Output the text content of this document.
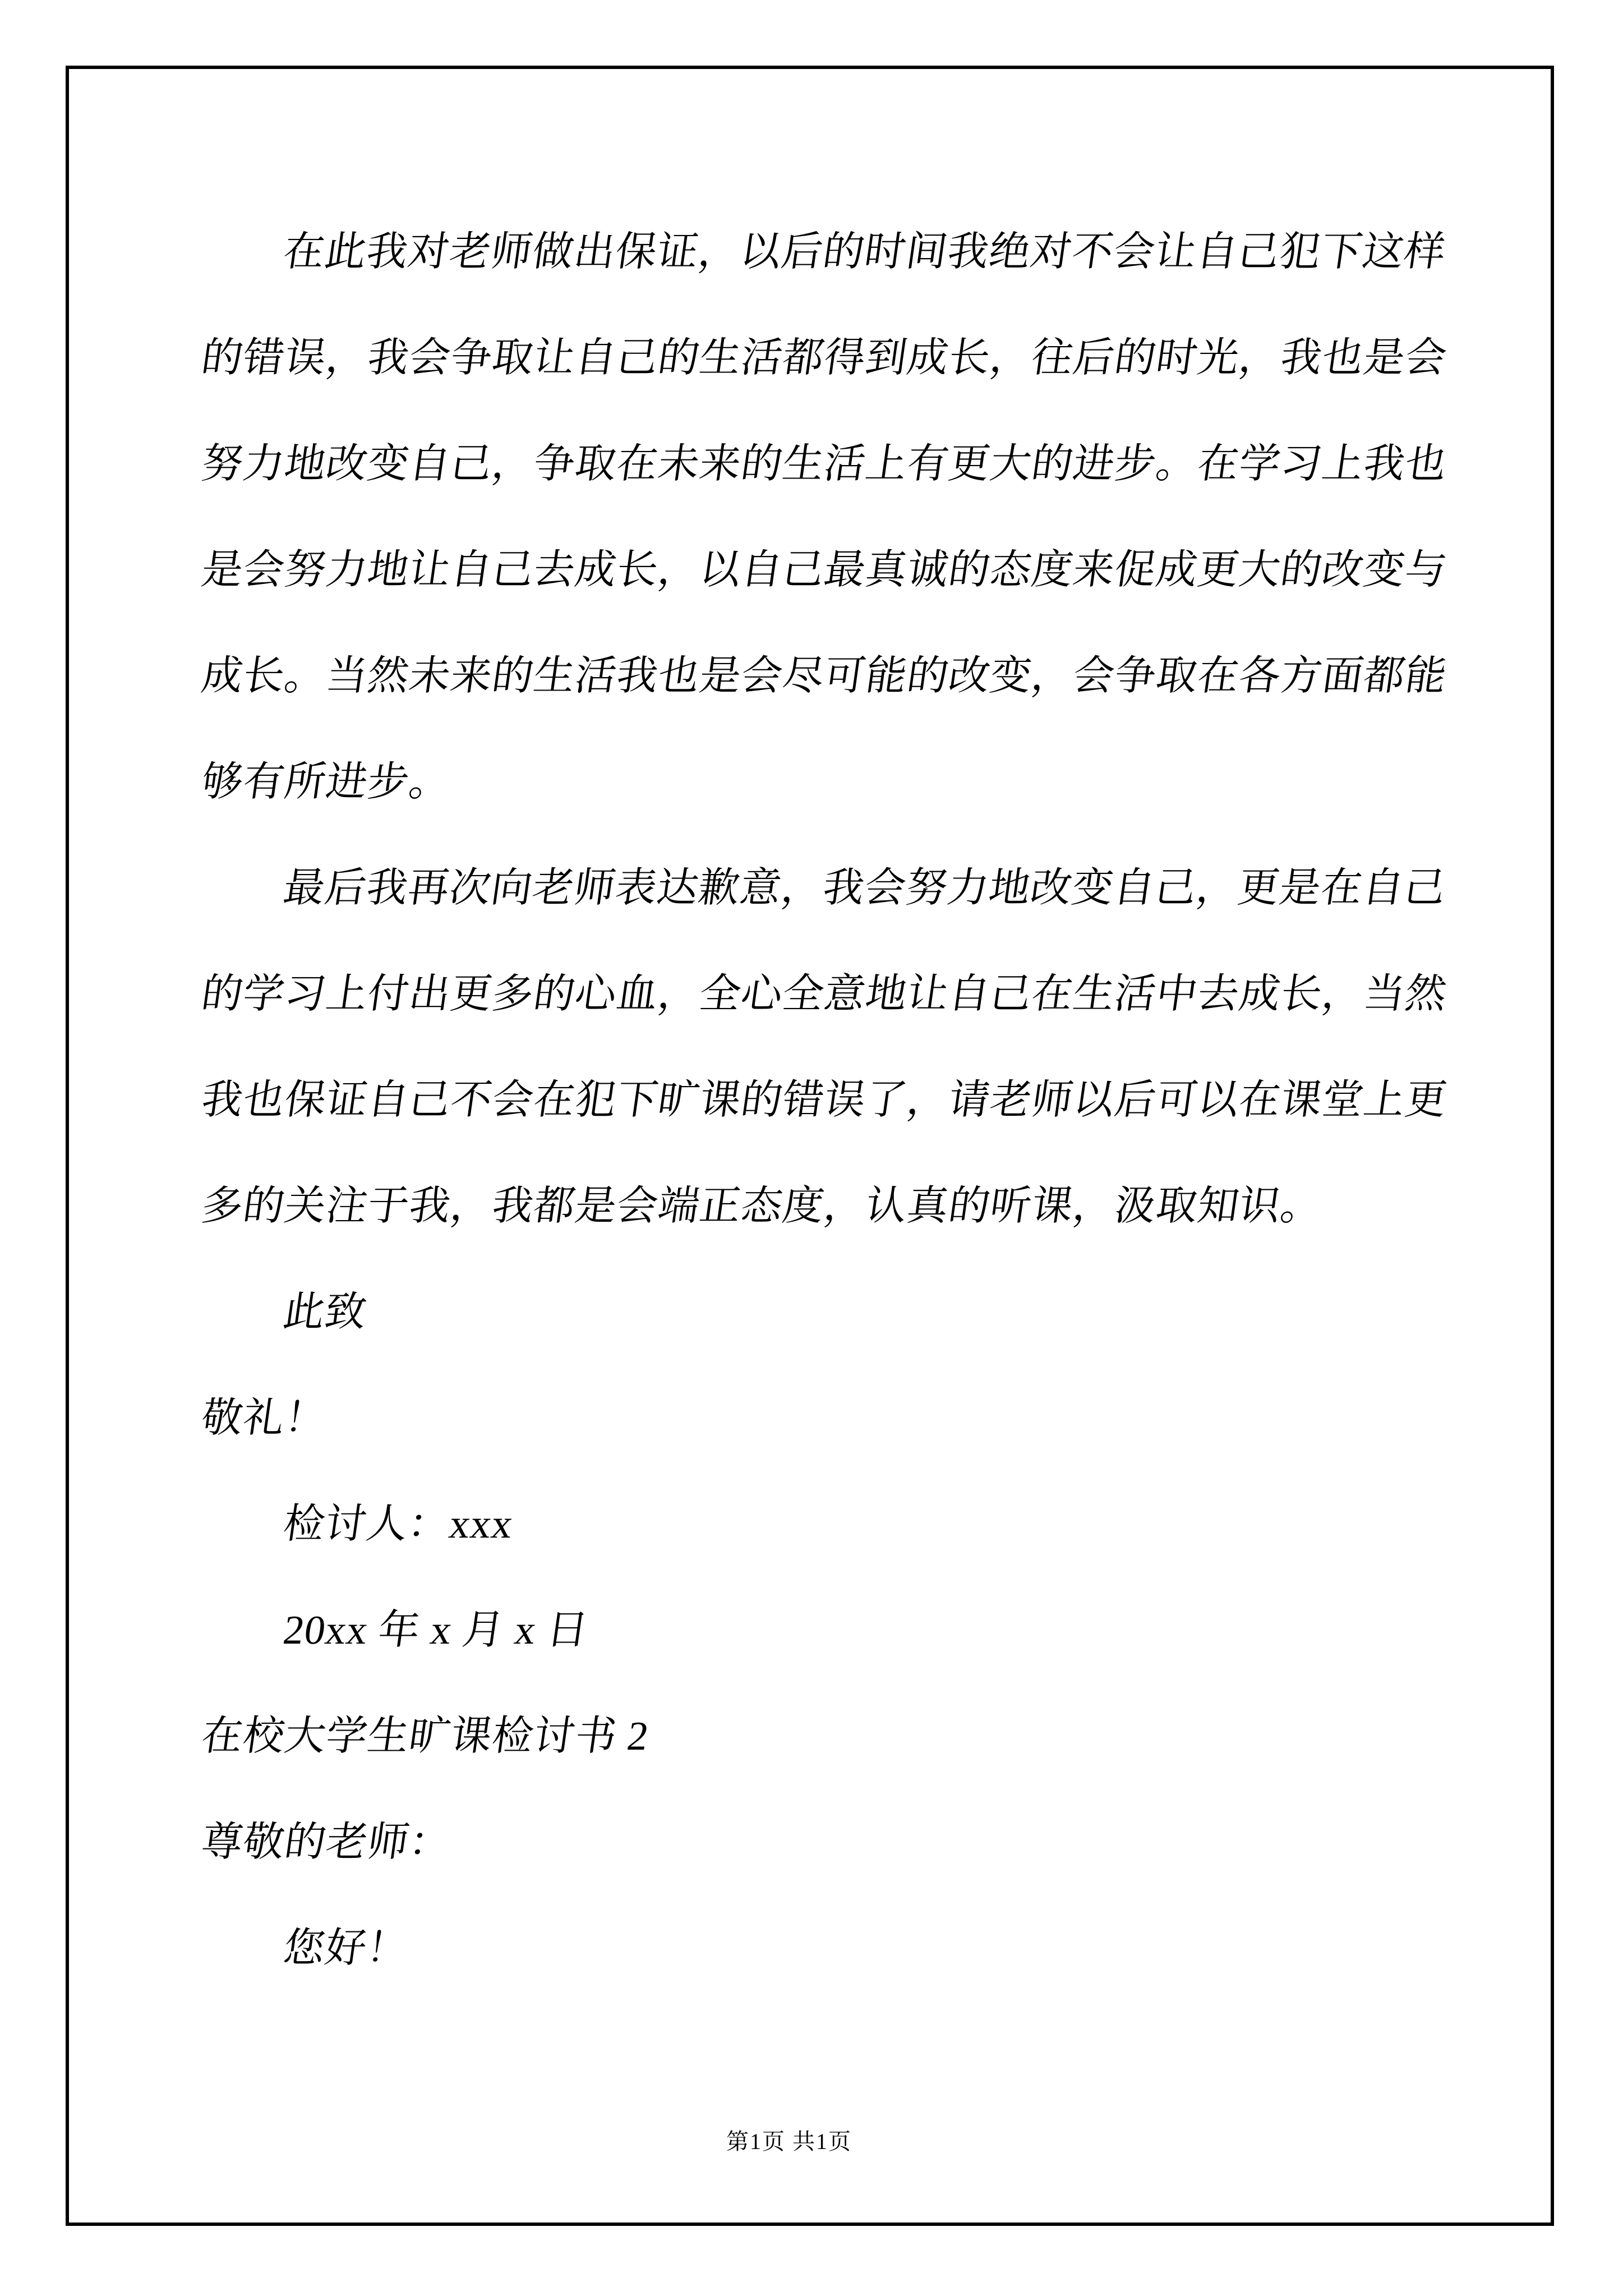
在此我对老师做出保证，以后的时间我绝对不会让自己犯下这样
的错误，我会争取让自己的生活都得到成长，往后的时光，我也是会
努力地改变自己，争取在未来的生活上有更大的进步。在学习上我也
是会努力地让自己去成长，以自己最真诚的态度来促成更大的改变与
成长。当然未来的生活我也是会尽可能的改变，会争取在各方面都能
够有所进步。
最后我再次向老师表达歉意，我会努力地改变自己，更是在自己
的学习上付出更多的心血，全心全意地让自己在生活中去成长，当然
我也保证自己不会在犯下旷课的错误了，请老师以后可以在课堂上更
多的关注于我，我都是会端正态度，认真的听课，汲取知识。
此致
敬礼！
检讨人：xxx
20xx 年 x 月 x 日
在校大学生旷课检讨书 2
尊敬的老师：
您好！
第1页 共1页
